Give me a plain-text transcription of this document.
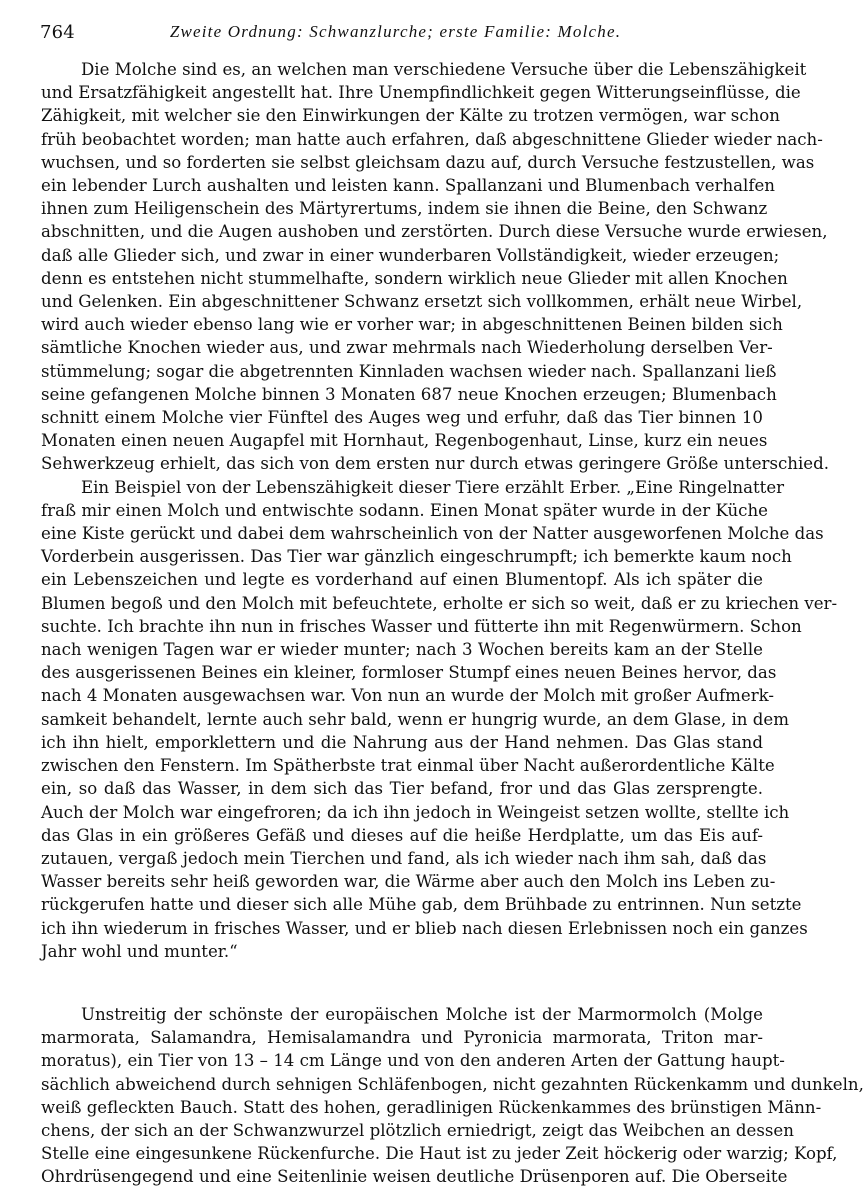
764	Zweite Ordnung: Schwanzlurche; erste Familie: Molche.
Die Molche sind es, an welchen man verschiedene Versuche über die Lebenszähigkeit
und Ersatzfähigkeit angestellt hat. Ihre Unempfindlichkeit gegen Witterungseinflüsse, die
Zähigkeit, mit welcher sie den Einwirkungen der Kälte zu trotzen vermögen, war schon
früh beobachtet worden; man hatte auch erfahren, daß abgeschnittene Glieder wieder nach-
wuchsen, und so forderten sie selbst gleichsam dazu auf, durch Versuche festzustellen, was
ein lebender Lurch aushalten und leisten kann. Spallanzani und Blumenbach verhalfen
ihnen zum Heiligenschein des Märtyrertums, indem sie ihnen die Beine, den Schwanz
abschnitten, und die Augen aushoben und zerstörten. Durch diese Versuche wurde erwiesen,
daß alle Glieder sich, und zwar in einer wunderbaren Vollständigkeit, wieder erzeugen;
denn es entstehen nicht stummelhafte, sondern wirklich neue Glieder mit allen Knochen
und Gelenken. Ein abgeschnittener Schwanz ersetzt sich vollkommen, erhält neue Wirbel,
wird auch wieder ebenso lang wie er vorher war; in abgeschnittenen Beinen bilden sich
sämtliche Knochen wieder aus, und zwar mehrmals nach Wiederholung derselben Ver-
stümmelung; sogar die abgetrennten Kinnladen wachsen wieder nach. Spallanzani ließ
seine gefangenen Molche binnen 3 Monaten 687 neue Knochen erzeugen; Blumenbach
schnitt einem Molche vier Fünftel des Auges weg und erfuhr, daß das Tier binnen 10
Monaten einen neuen Augapfel mit Hornhaut, Regenbogenhaut, Linse, kurz ein neues
Sehwerkzeug erhielt, das sich von dem ersten nur durch etwas geringere Größe unterschied.
Ein Beispiel von der Lebenszähigkeit dieser Tiere erzählt Erber. „Eine Ringelnatter
fraß mir einen Molch und entwischte sodann. Einen Monat später wurde in der Küche
eine Kiste gerückt und dabei dem wahrscheinlich von der Natter ausgeworfenen Molche das
Vorderbein ausgerissen. Das Tier war gänzlich eingeschrumpft; ich bemerkte kaum noch
ein Lebenszeichen und legte es vorderhand auf einen Blumentopf. Als ich später die
Blumen begoß und den Molch mit befeuchtete, erholte er sich so weit, daß er zu kriechen ver-
suchte. Ich brachte ihn nun in frisches Wasser und fütterte ihn mit Regenwürmern. Schon
nach wenigen Tagen war er wieder munter; nach 3 Wochen bereits kam an der Stelle
des ausgerissenen Beines ein kleiner, formloser Stumpf eines neuen Beines hervor, das
nach 4 Monaten ausgewachsen war. Von nun an wurde der Molch mit großer Aufmerk-
samkeit behandelt, lernte auch sehr bald, wenn er hungrig wurde, an dem Glase, in dem
ich ihn hielt, emporklettern und die Nahrung aus der Hand nehmen. Das Glas stand
zwischen den Fenstern. Im Spätherbste trat einmal über Nacht außerordentliche Kälte
ein, so daß das Wasser, in dem sich das Tier befand, fror und das Glas zersprengte.
Auch der Molch war eingefroren; da ich ihn jedoch in Weingeist setzen wollte, stellte ich
das Glas in ein größeres Gefäß und dieses auf die heiße Herdplatte, um das Eis auf-
zutauen, vergaß jedoch mein Tierchen und fand, als ich wieder nach ihm sah, daß das
Wasser bereits sehr heiß geworden war, die Wärme aber auch den Molch ins Leben zu-
rückgerufen hatte und dieser sich alle Mühe gab, dem Brühbade zu entrinnen. Nun setzte
ich ihn wiederum in frisches Wasser, und er blieb nach diesen Erlebnissen noch ein ganzes
Jahr wohl und munter.“
Unstreitig der schönste der europäischen Molche ist der Marmormolch (Molge
marmorata, Salamandra, Hemisalamandra und Pyronicia marmorata, Triton mar-
moratus), ein Tier von 13 – 14 cm Länge und von den anderen Arten der Gattung haupt-
sächlich abweichend durch sehnigen Schläfenbogen, nicht gezahnten Rückenkamm und dunkeln,
weiß gefleckten Bauch. Statt des hohen, geradlinigen Rückenkammes des brünstigen Männ-
chens, der sich an der Schwanzwurzel plötzlich erniedrigt, zeigt das Weibchen an dessen
Stelle eine eingesunkene Rückenfurche. Die Haut ist zu jeder Zeit höckerig oder warzig; Kopf,
Ohrdrüsengegend und eine Seitenlinie weisen deutliche Drüsenporen auf. Die Oberseite
